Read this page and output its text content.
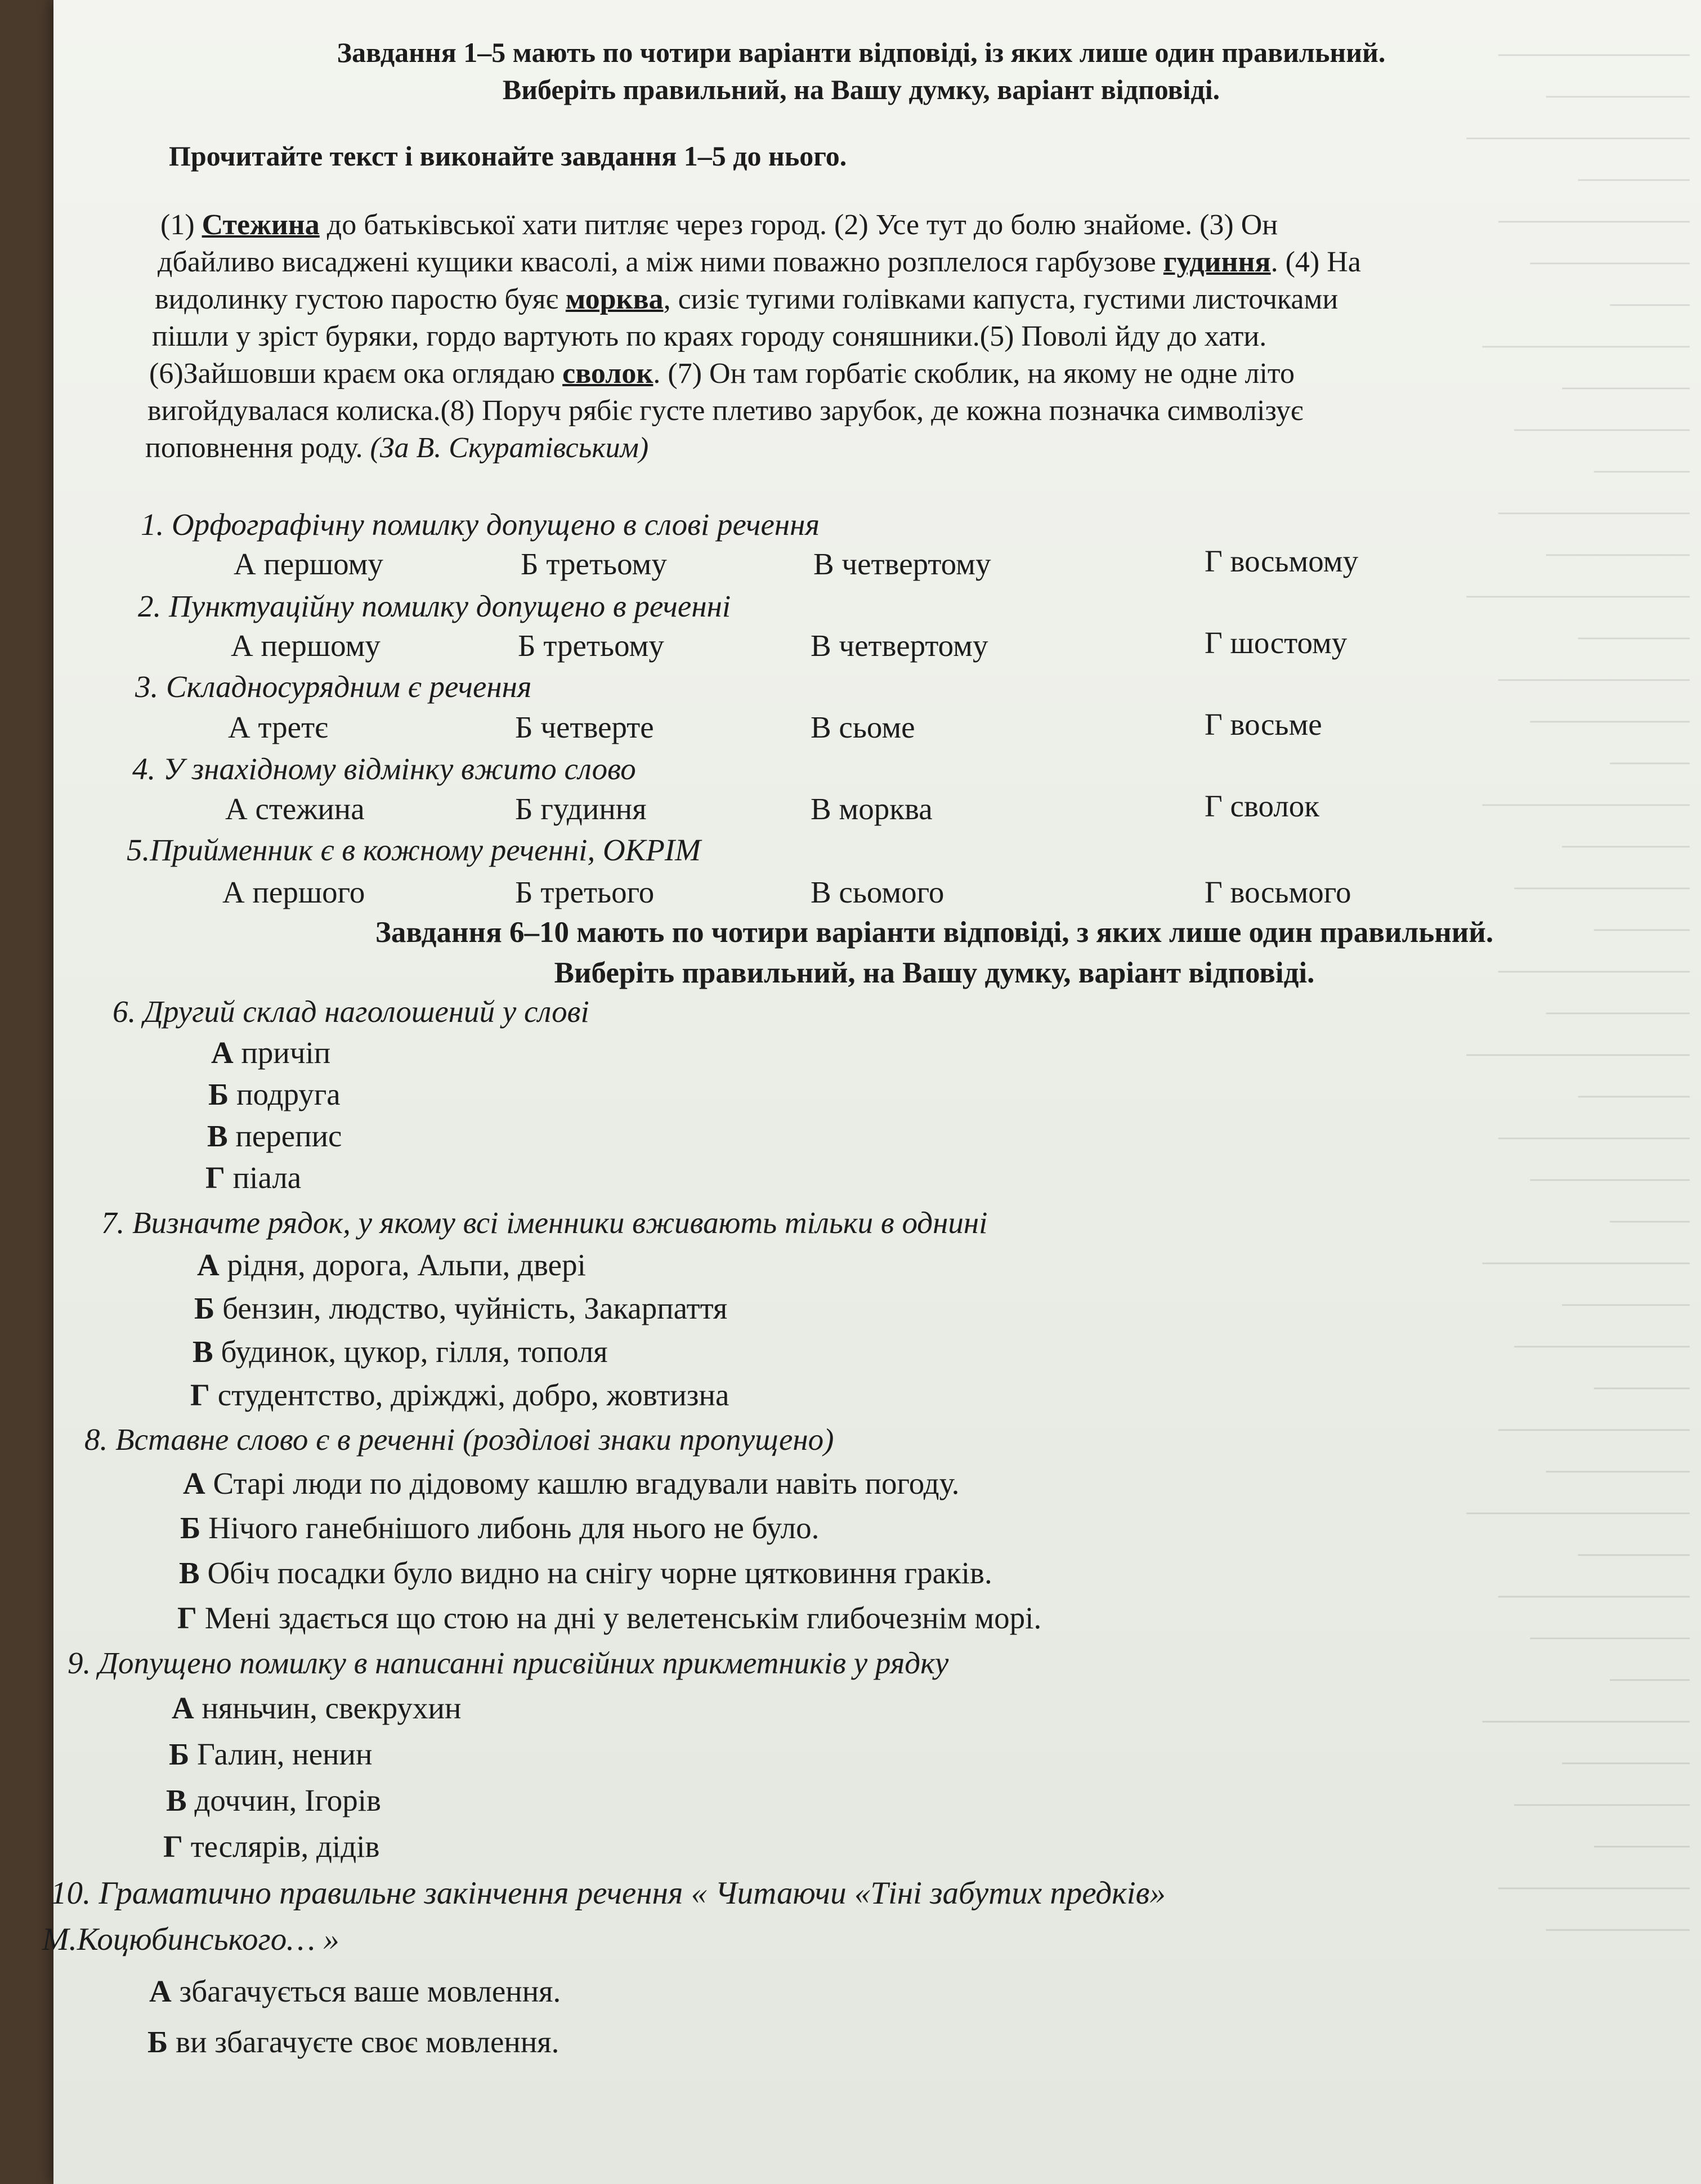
────────────
─────────
──────────────
───────
────────────
──────────
─────
─────────────
────────
───────────
──────
────────────
─────────
──────────────
───────
────────────
──────────
─────
─────────────
────────
───────────
──────
────────────
─────────
──────────────
───────
────────────
──────────
─────
─────────────
────────
───────────
──────
────────────
─────────
──────────────
───────
────────────
──────────
─────
─────────────
────────
───────────
──────
────────────
─────────
Завдання 1–5 мають по чотири варіанти відповіді, із яких лише один правильний.
Виберіть правильний, на Вашу думку, варіант відповіді.
Прочитайте текст і виконайте завдання 1–5 до нього.
(1) Стежина до батьківської хати питляє через город. (2) Усе тут до болю знайоме. (3) Он
дбайливо висаджені кущики квасолі, а між ними поважно розплелося гарбузове гудиння. (4) На
видолинку густою паростю буяє морква, сизіє тугими голівками капуста, густими листочками
пішли у зріст буряки, гордо вартують по краях городу соняшники.(5) Поволі йду до хати.
(6)Зайшовши краєм ока оглядаю сволок. (7) Он там горбатіє скоблик, на якому не одне літо
вигойдувалася колиска.(8) Поруч рябіє густе плетиво зарубок, де кожна позначка символізує
поповнення роду. (За В. Скуратівським)
1. Орфографічну помилку допущено в слові речення
А першому	Б третьому	В четвертому	Г восьмому
2. Пунктуаційну помилку допущено в реченні
А першому	Б третьому	В четвертому	Г шостому
3. Складносурядним є речення
А третє	Б четверте	В сьоме	Г восьме
4. У знахідному відмінку вжито слово
А стежина	Б гудиння	В морква	Г сволок
5.Прийменник є в кожному реченні, ОКРІМ
А першого	Б третього	В сьомого	Г восьмого
Завдання 6–10 мають по чотири варіанти відповіді, з яких лише один правильний.
Виберіть правильний, на Вашу думку, варіант відповіді.
6. Другий склад наголошений у слові
А причіп
Б подруга
В перепис
Г піала
7. Визначте рядок, у якому всі іменники вживають тільки в однині
А рідня, дорога, Альпи, двері
Б бензин, людство, чуйність, Закарпаття
В будинок, цукор, гілля, тополя
Г студентство, дріжджі, добро, жовтизна
8. Вставне слово є в реченні (розділові знаки пропущено)
А Старі люди по дідовому кашлю вгадували навіть погоду.
Б Нічого ганебнішого либонь для нього не було.
В Обіч посадки було видно на снігу чорне цятковиння граків.
Г Мені здається що стою на дні у велетенськім глибочезнім морі.
9. Допущено помилку в написанні присвійних прикметників у рядку
А няньчин, свекрухин
Б Галин, ненин
В доччин, Ігорів
Г теслярів, дідів
10. Граматично правильне закінчення речення « Читаючи «Тіні забутих предків»
М.Коцюбинського… »
А збагачується ваше мовлення.
Б ви збагачуєте своє мовлення.
